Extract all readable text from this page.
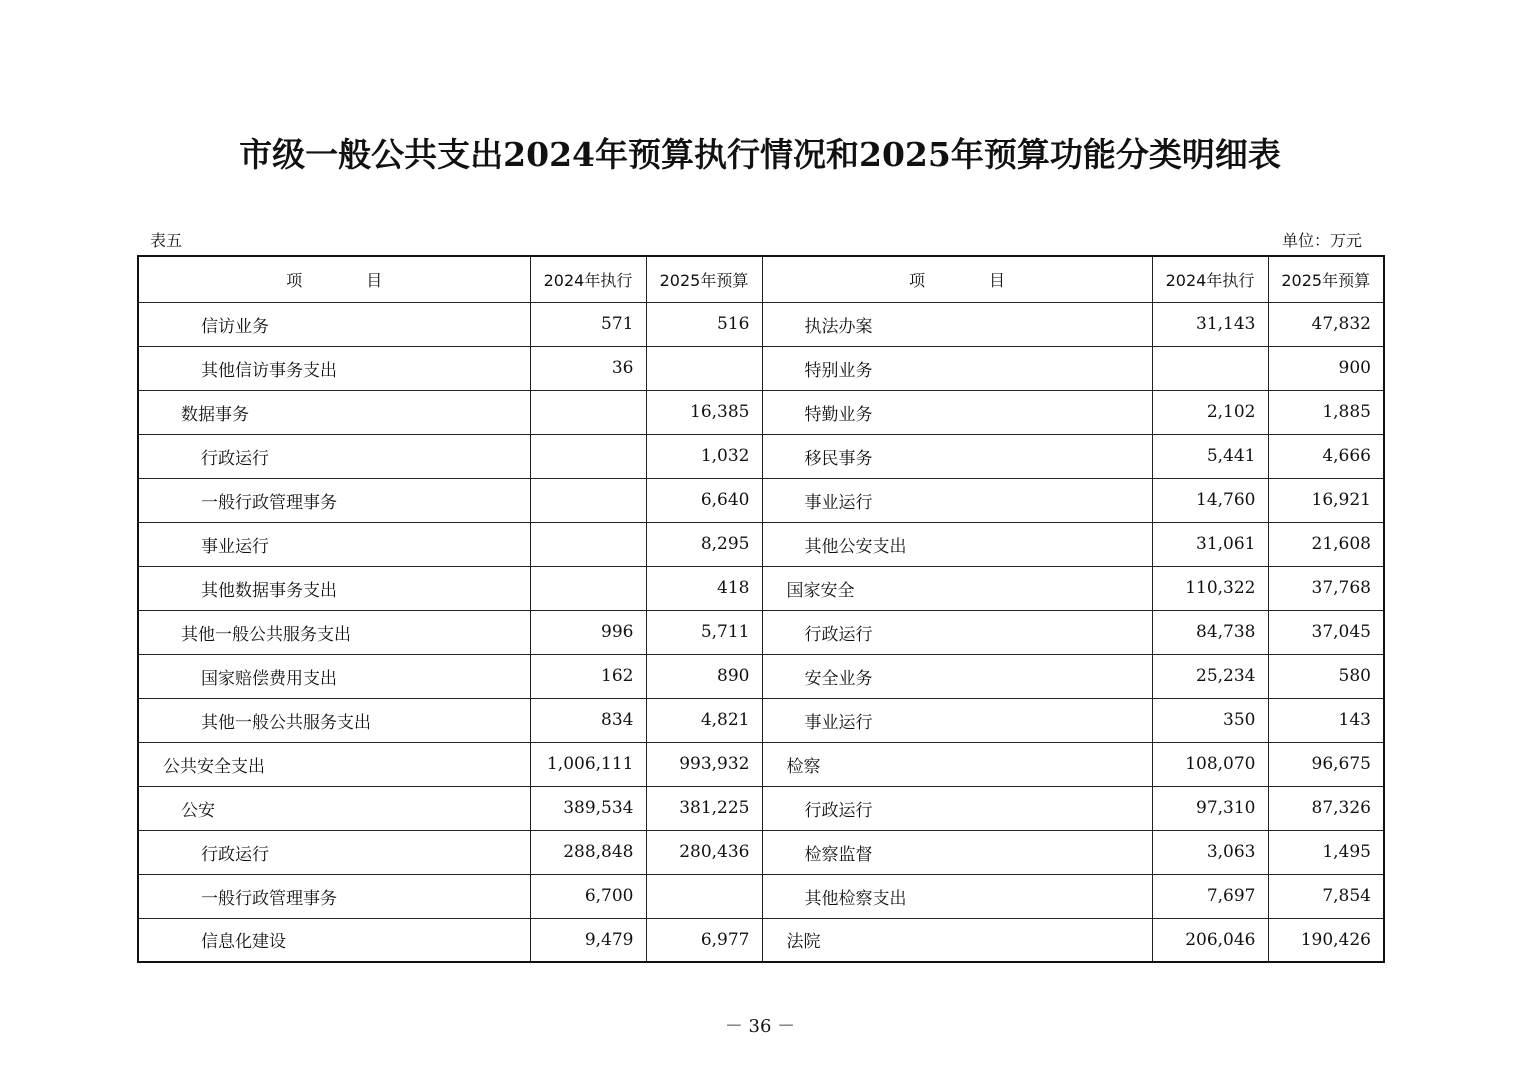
市级一般公共支出2024年预算执行情况和2025年预算功能分类明细表
表五	单位：万元
项　　　　目	2024年执行	2025年预算	项　　　　目	2024年执行	2025年预算
信访业务	571	516	执法办案	31,143	47,832
其他信访事务支出	36		特别业务		900
数据事务		16,385	特勤业务	2,102	1,885
行政运行		1,032	移民事务	5,441	4,666
一般行政管理事务		6,640	事业运行	14,760	16,921
事业运行		8,295	其他公安支出	31,061	21,608
其他数据事务支出		418	国家安全	110,322	37,768
其他一般公共服务支出	996	5,711	行政运行	84,738	37,045
国家赔偿费用支出	162	890	安全业务	25,234	580
其他一般公共服务支出	834	4,821	事业运行	350	143
公共安全支出	1,006,111	993,932	检察	108,070	96,675
公安	389,534	381,225	行政运行	97,310	87,326
行政运行	288,848	280,436	检察监督	3,063	1,495
一般行政管理事务	6,700		其他检察支出	7,697	7,854
信息化建设	9,479	6,977	法院	206,046	190,426
－ 36 －
